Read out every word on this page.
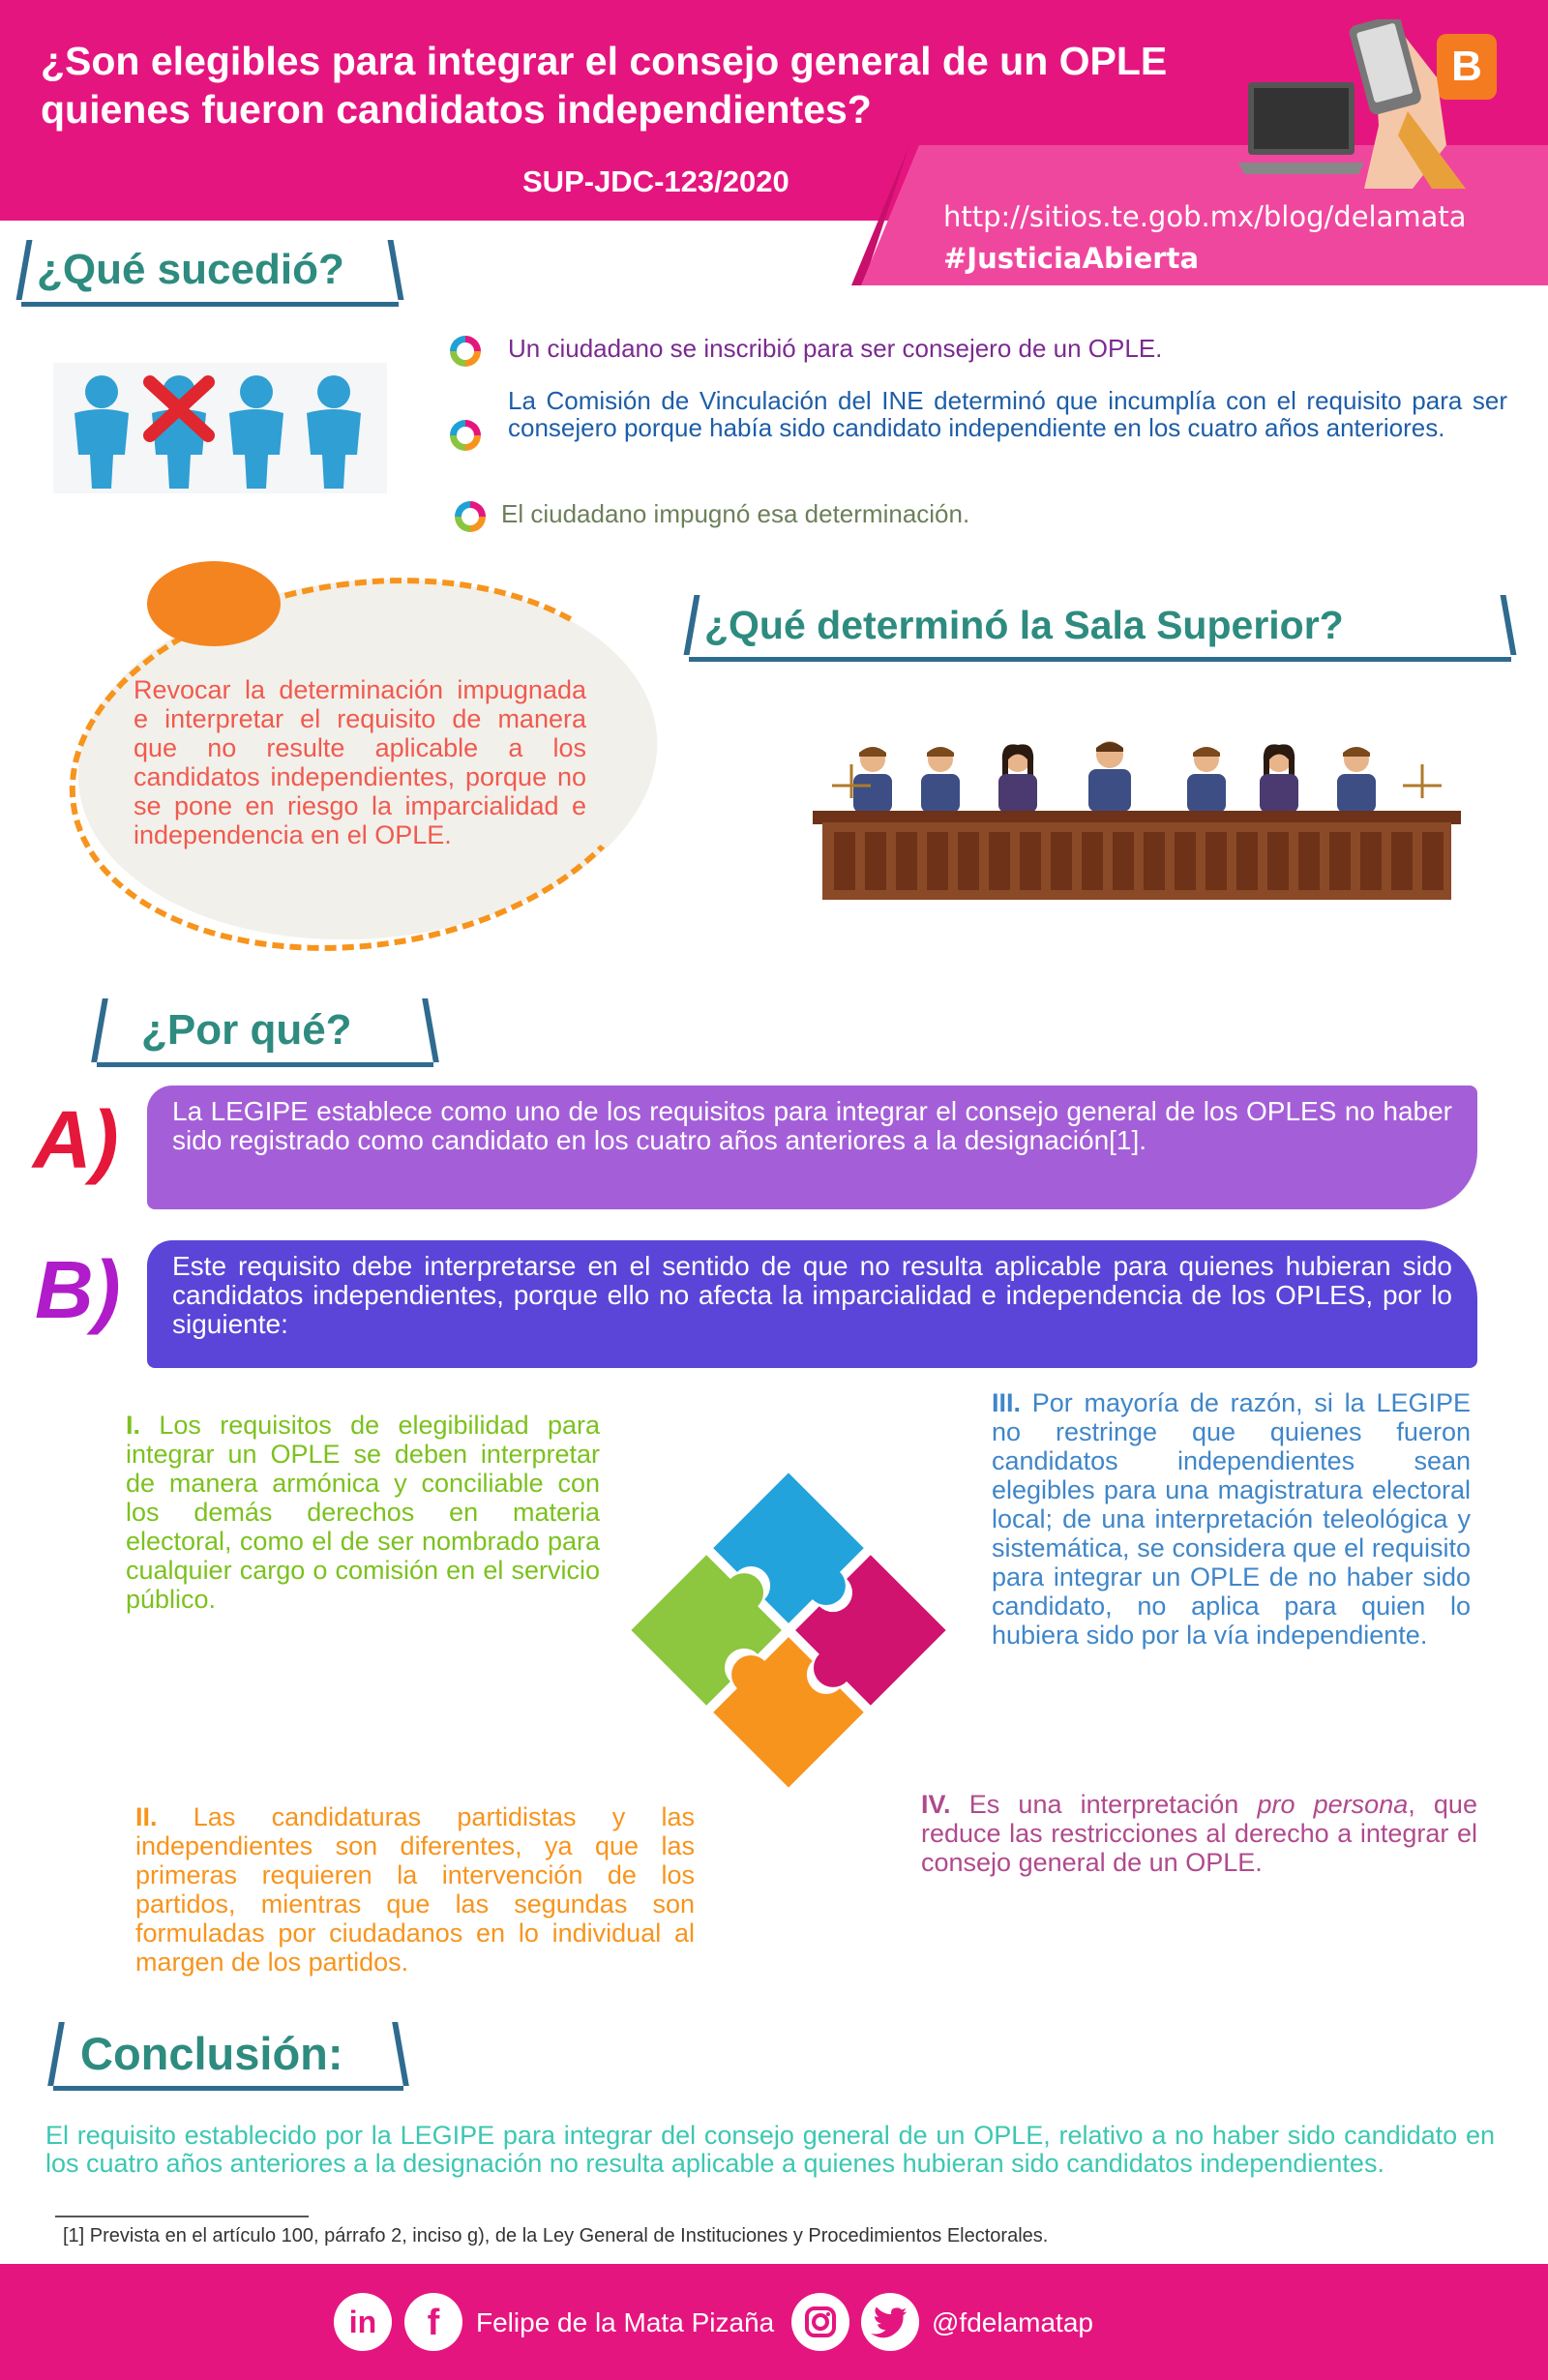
¿Son elegibles para integrar el consejo general de un OPLE quienes fueron candidatos independientes?
SUP-JDC-123/2020
http://sitios.te.gob.mx/blog/delamata
#JusticiaAbierta
B
¿Qué sucedió?
Un ciudadano se inscribió para ser consejero de un OPLE.
La Comisión de Vinculación del INE determinó que incumplía con el requisito para ser consejero porque había sido candidato independiente en los cuatro años anteriores.
El ciudadano impugnó esa determinación.
Revocar la determinación impugnada e interpretar el requisito de manera que no resulte aplicable a los candidatos independientes, porque no se pone en riesgo la imparcialidad e independencia en el OPLE.
¿Qué determinó la Sala Superior?
¿Por qué?
A)	La LEGIPE establece como uno de los requisitos para integrar el consejo general de los OPLES no haber sido registrado como candidato en los cuatro años anteriores a la designación[1].
B)	Este requisito debe interpretarse en el sentido de que no resulta aplicable para quienes hubieran sido candidatos independientes, porque ello no afecta la imparcialidad e independencia de los OPLES, por lo siguiente:
I. Los requisitos de elegibilidad para integrar un OPLE se deben interpretar de manera armónica y conciliable con los demás derechos en materia electoral, como el de ser nombrado para cualquier cargo o comisión en el servicio público.
III. Por mayoría de razón, si la LEGIPE no restringe que quienes fueron candidatos independientes sean elegibles para una magistratura electoral local; de una interpretación teleológica y sistemática, se considera que el requisito para integrar un OPLE de no haber sido candidato, no aplica para quien lo hubiera sido por la vía independiente.
II. Las candidaturas partidistas y las independientes son diferentes, ya que las primeras requieren la intervención de los partidos, mientras que las segundas son formuladas por ciudadanos en lo individual al margen de los partidos.
IV. Es una interpretación pro persona, que reduce las restricciones al derecho a integrar el consejo general de un OPLE.
Conclusión:
El requisito establecido por la LEGIPE para integrar del consejo general de un OPLE, relativo a no haber sido candidato en los cuatro años anteriores a la designación no resulta aplicable a quienes hubieran sido candidatos independientes.
[1] Prevista en el artículo 100, párrafo 2, inciso g), de la Ley General de Instituciones y Procedimientos Electorales.
in	f	Felipe de la Mata Pizaña	@fdelamatap
